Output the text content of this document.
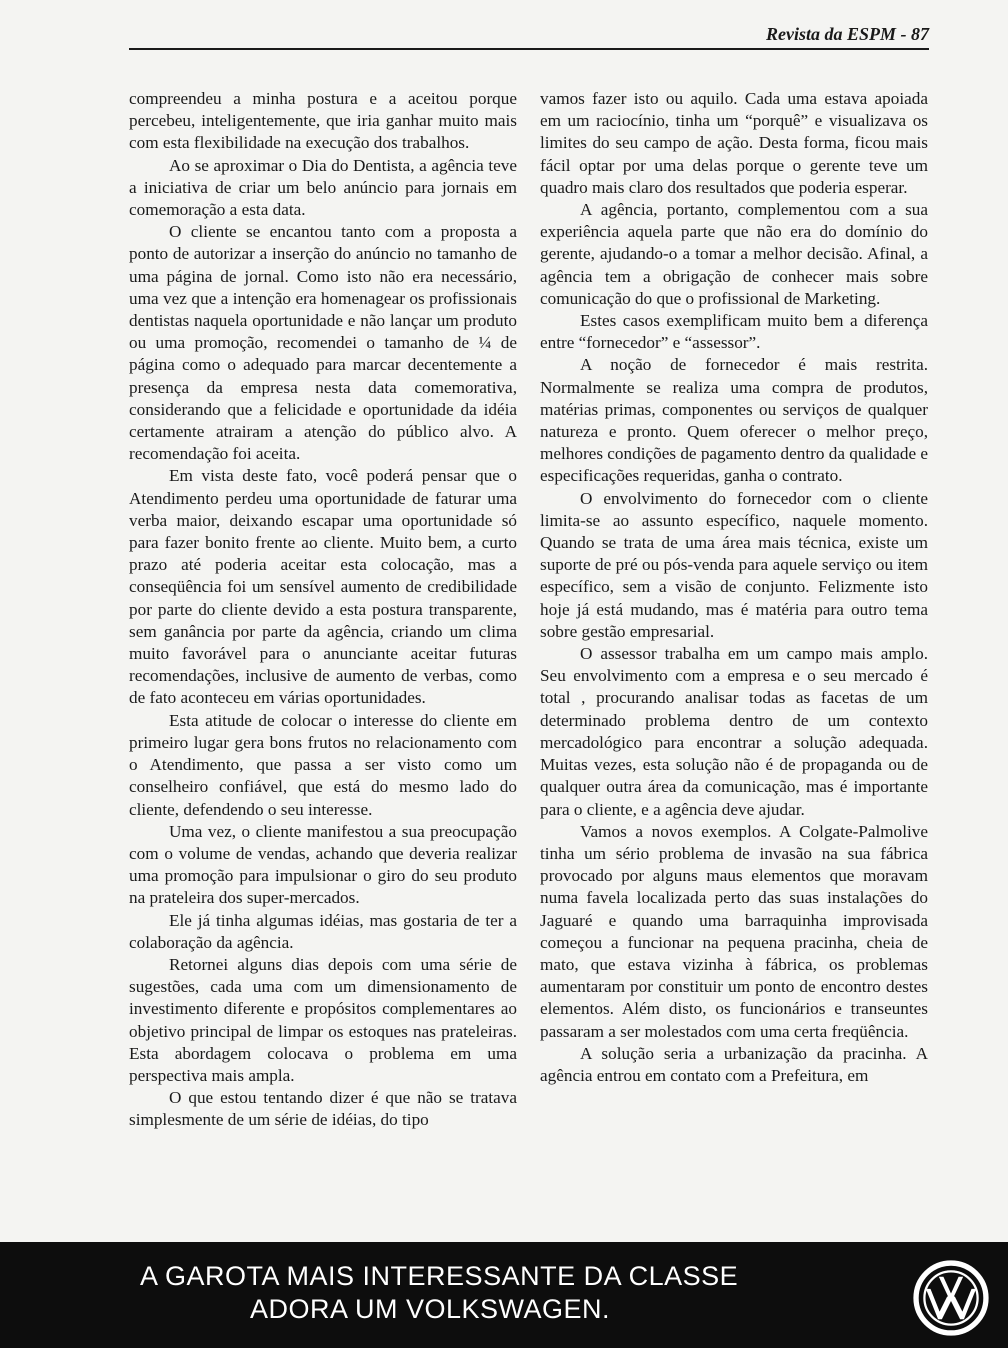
Revista da ESPM - 87

compreendeu a minha postura e a aceitou porque percebeu, inteligentemente, que iria ganhar muito mais com esta flexibilidade na execução dos trabalhos.

Ao se aproximar o Dia do Dentista, a agência teve a iniciativa de criar um belo anúncio para jornais em comemoração a esta data.

O cliente se encantou tanto com a proposta a ponto de autorizar a inserção do anúncio no tamanho de uma página de jornal. Como isto não era necessário, uma vez que a intenção era homenagear os profissionais dentistas naquela oportunidade e não lançar um produto ou uma promoção, recomendei o tamanho de ¼ de página como o adequado para marcar decentemente a presença da empresa nesta data comemorativa, considerando que a felicidade e oportunidade da idéia certamente atrairam a atenção do público alvo. A recomendação foi aceita.

Em vista deste fato, você poderá pensar que o Atendimento perdeu uma oportunidade de faturar uma verba maior, deixando escapar uma oportunidade só para fazer bonito frente ao cliente. Muito bem, a curto prazo até poderia aceitar esta colocação, mas a conseqüência foi um sensível aumento de credibilidade por parte do cliente devido a esta postura transparente, sem ganância por parte da agência, criando um clima muito favorável para o anunciante aceitar futuras recomendações, inclusive de aumento de verbas, como de fato aconteceu em várias oportunidades.

Esta atitude de colocar o interesse do cliente em primeiro lugar gera bons frutos no relacionamento com o Atendimento, que passa a ser visto como um conselheiro confiável, que está do mesmo lado do cliente, defendendo o seu interesse.

Uma vez, o cliente manifestou a sua preocupação com o volume de vendas, achando que deveria realizar uma promoção para impulsionar o giro do seu produto na prateleira dos super-mercados.

Ele já tinha algumas idéias, mas gostaria de ter a colaboração da agência.

Retornei alguns dias depois com uma série de sugestões, cada uma com um dimensionamento de investimento diferente e propósitos complementares ao objetivo principal de limpar os estoques nas prateleiras. Esta abordagem colocava o problema em uma perspectiva mais ampla.

O que estou tentando dizer é que não se tratava simplesmente de um série de idéias, do tipo

vamos fazer isto ou aquilo. Cada uma estava apoiada em um raciocínio, tinha um “porquê” e visualizava os limites do seu campo de ação. Desta forma, ficou mais fácil optar por uma delas porque o gerente teve um quadro mais claro dos resultados que poderia esperar.

A agência, portanto, complementou com a sua experiência aquela parte que não era do domínio do gerente, ajudando-o a tomar a melhor decisão. Afinal, a agência tem a obrigação de conhecer mais sobre comunicação do que o profissional de Marketing.

Estes casos exemplificam muito bem a diferença entre “fornecedor” e “assessor”.

A noção de fornecedor é mais restrita. Normalmente se realiza uma compra de produtos, matérias primas, componentes ou serviços de qualquer natureza e pronto. Quem oferecer o melhor preço, melhores condições de pagamento dentro da qualidade e especificações requeridas, ganha o contrato.

O envolvimento do fornecedor com o cliente limita-se ao assunto específico, naquele momento. Quando se trata de uma área mais técnica, existe um suporte de pré ou pós-venda para aquele serviço ou item específico, sem a visão de conjunto. Felizmente isto hoje já está mudando, mas é matéria para outro tema sobre gestão empresarial.

O assessor trabalha em um campo mais amplo. Seu envolvimento com a empresa e o seu mercado é total , procurando analisar todas as facetas de um determinado problema dentro de um contexto mercadológico para encontrar a solução adequada. Muitas vezes, esta solução não é de propaganda ou de qualquer outra área da comunicação, mas é importante para o cliente, e a agência deve ajudar.

Vamos a novos exemplos. A Colgate-Palmolive tinha um sério problema de invasão na sua fábrica provocado por alguns maus elementos que moravam numa favela localizada perto das suas instalações do Jaguaré e quando uma barraquinha improvisada começou a funcionar na pequena pracinha, cheia de mato, que estava vizinha à fábrica, os problemas aumentaram por constituir um ponto de encontro destes elementos. Além disto, os funcionários e transeuntes passaram a ser molestados com uma certa freqüência.

A solução seria a urbanização da pracinha. A agência entrou em contato com a Prefeitura, em

A GAROTA MAIS INTERESSANTE DA CLASSE
ADORA UM VOLKSWAGEN.
